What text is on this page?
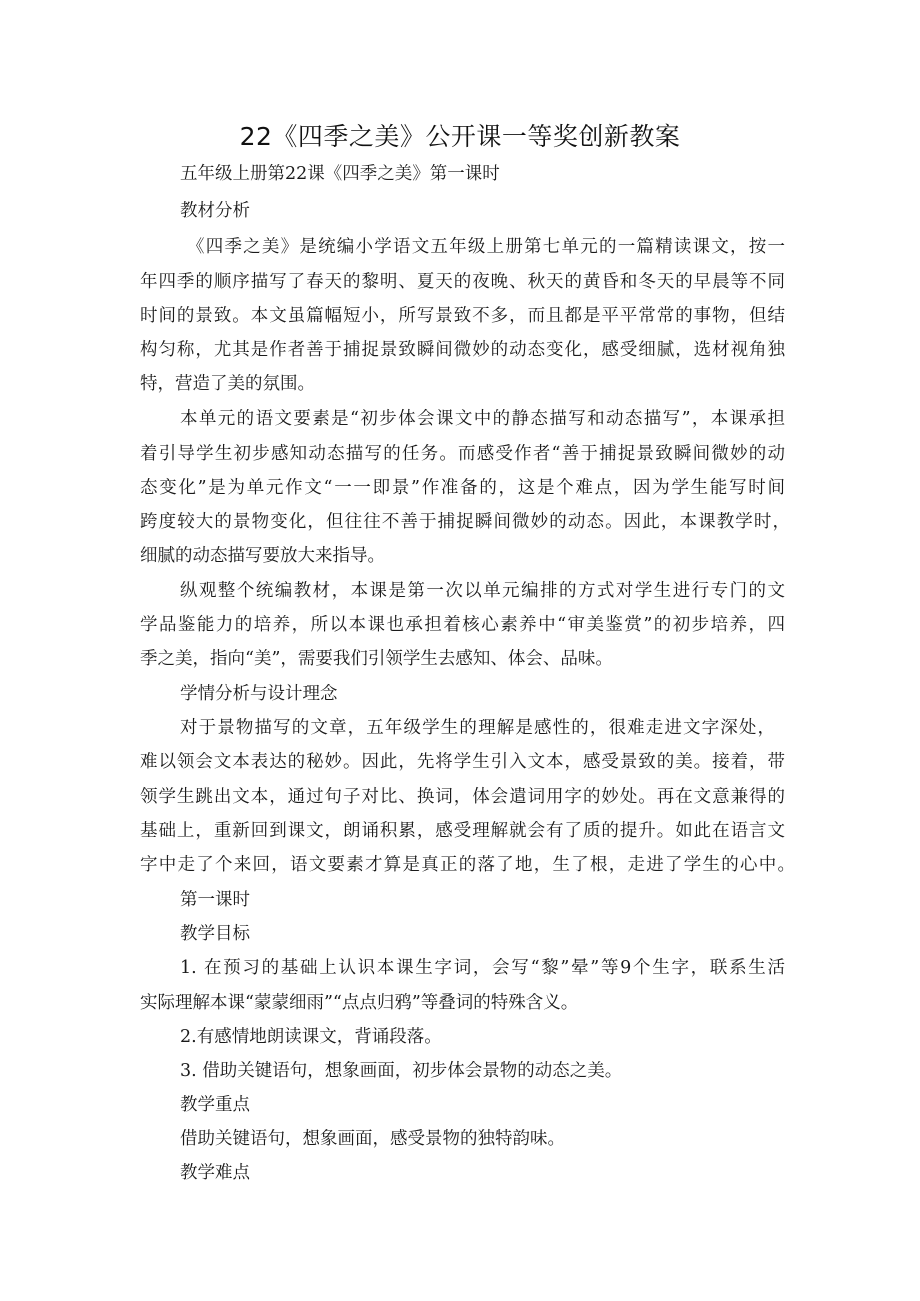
22《四季之美》公开课一等奖创新教案
五年级上册第22课《四季之美》第一课时
教材分析
《四季之美》是统编小学语文五年级上册第七单元的一篇精读课文，按一
年四季的顺序描写了春天的黎明、夏天的夜晚、秋天的黄昏和冬天的早晨等不同
时间的景致。本文虽篇幅短小，所写景致不多，而且都是平平常常的事物，但结
构匀称，尤其是作者善于捕捉景致瞬间微妙的动态变化，感受细腻，选材视角独
特，营造了美的氛围。
本单元的语文要素是“初步体会课文中的静态描写和动态描写”，本课承担
着引导学生初步感知动态描写的任务。而感受作者“善于捕捉景致瞬间微妙的动
态变化”是为单元作文“一一即景”作准备的，这是个难点，因为学生能写时间
跨度较大的景物变化，但往往不善于捕捉瞬间微妙的动态。因此，本课教学时，
细腻的动态描写要放大来指导。
纵观整个统编教材，本课是第一次以单元编排的方式对学生进行专门的文
学品鉴能力的培养，所以本课也承担着核心素养中“审美鉴赏”的初步培养，四
季之美，指向“美”，需要我们引领学生去感知、体会、品味。
学情分析与设计理念
对于景物描写的文章，五年级学生的理解是感性的，很难走进文字深处，
难以领会文本表达的秘妙。因此，先将学生引入文本，感受景致的美。接着，带
领学生跳出文本，通过句子对比、换词，体会遣词用字的妙处。再在文意兼得的
基础上，重新回到课文，朗诵积累，感受理解就会有了质的提升。如此在语言文
字中走了个来回，语文要素才算是真正的落了地，生了根，走进了学生的心中。
第一课时
教学目标
1. 在预习的基础上认识本课生字词，会写“黎”晕”等9个生字，联系生活
实际理解本课“蒙蒙细雨”“点点归鸦”等叠词的特殊含义。
2.有感情地朗读课文，背诵段落。
3. 借助关键语句，想象画面，初步体会景物的动态之美。
教学重点
借助关键语句，想象画面，感受景物的独特韵味。
教学难点
